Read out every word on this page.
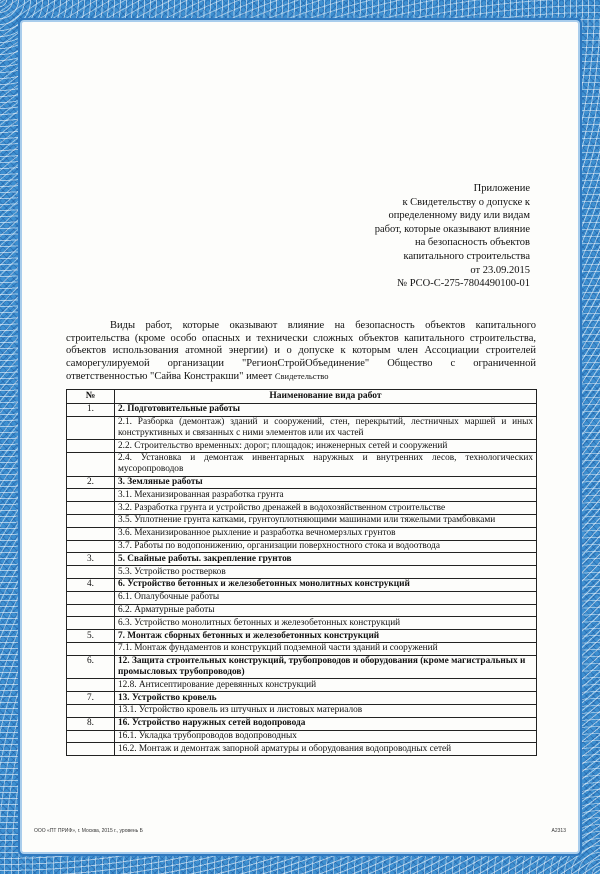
Приложение
к Свидетельству о допуске к
определенному виду или видам
работ, которые оказывают влияние
на безопасность объектов
капитального строительства
от 23.09.2015
№ РСО-С-275-7804490100-01
Виды работ, которые оказывают влияние на безопасность объектов капитального строительства (кроме особо опасных и технически сложных объектов капитального строительства, объектов использования атомной энергии) и о допуске к которым член Ассоциации строителей саморегулируемой организации "РегионСтройОбъединение" Общество с ограниченной ответственностью "Сайва Констракши" имеет Свидетельство
№	Наименование вида работ
1.	2. Подготовительные работы
	2.1. Разборка (демонтаж) зданий и сооружений, стен, перекрытий, лестничных маршей и иных конструктивных и связанных с ними элементов или их частей
	2.2. Строительство временных: дорог; площадок; инженерных сетей и сооружений
	2.4. Установка и демонтаж инвентарных наружных и внутренних лесов, технологических мусоропроводов
2.	3. Земляные работы
	3.1. Механизированная разработка грунта
	3.2. Разработка грунта и устройство дренажей в водохозяйственном строительстве
	3.5. Уплотнение грунта катками, грунтоуплотняющими машинами или тяжелыми трамбовками
	3.6. Механизированное рыхление и разработка вечномерзлых грунтов
	3.7. Работы по водопонижению, организации поверхностного стока и водоотвода
3.	5. Свайные работы. закрепление грунтов
	5.3. Устройство ростверков
4.	6. Устройство бетонных и железобетонных монолитных конструкций
	6.1. Опалубочные работы
	6.2. Арматурные работы
	6.3. Устройство монолитных бетонных и железобетонных конструкций
5.	7. Монтаж сборных бетонных и железобетонных конструкций
	7.1. Монтаж фундаментов и конструкций подземной части зданий и сооружений
6.	12. Защита строительных конструкций, трубопроводов и оборудования (кроме магистральных и промысловых трубопроводов)
	12.8. Антисептирование деревянных конструкций
7.	13. Устройство кровель
	13.1. Устройство кровель из штучных и листовых материалов
8.	16. Устройство наружных сетей водопровода
	16.1. Укладка трубопроводов водопроводных
	16.2. Монтаж и демонтаж запорной арматуры и оборудования водопроводных сетей
ООО «ПТ ПРИФ», г. Москва, 2015 г., уровень Б	А2313
